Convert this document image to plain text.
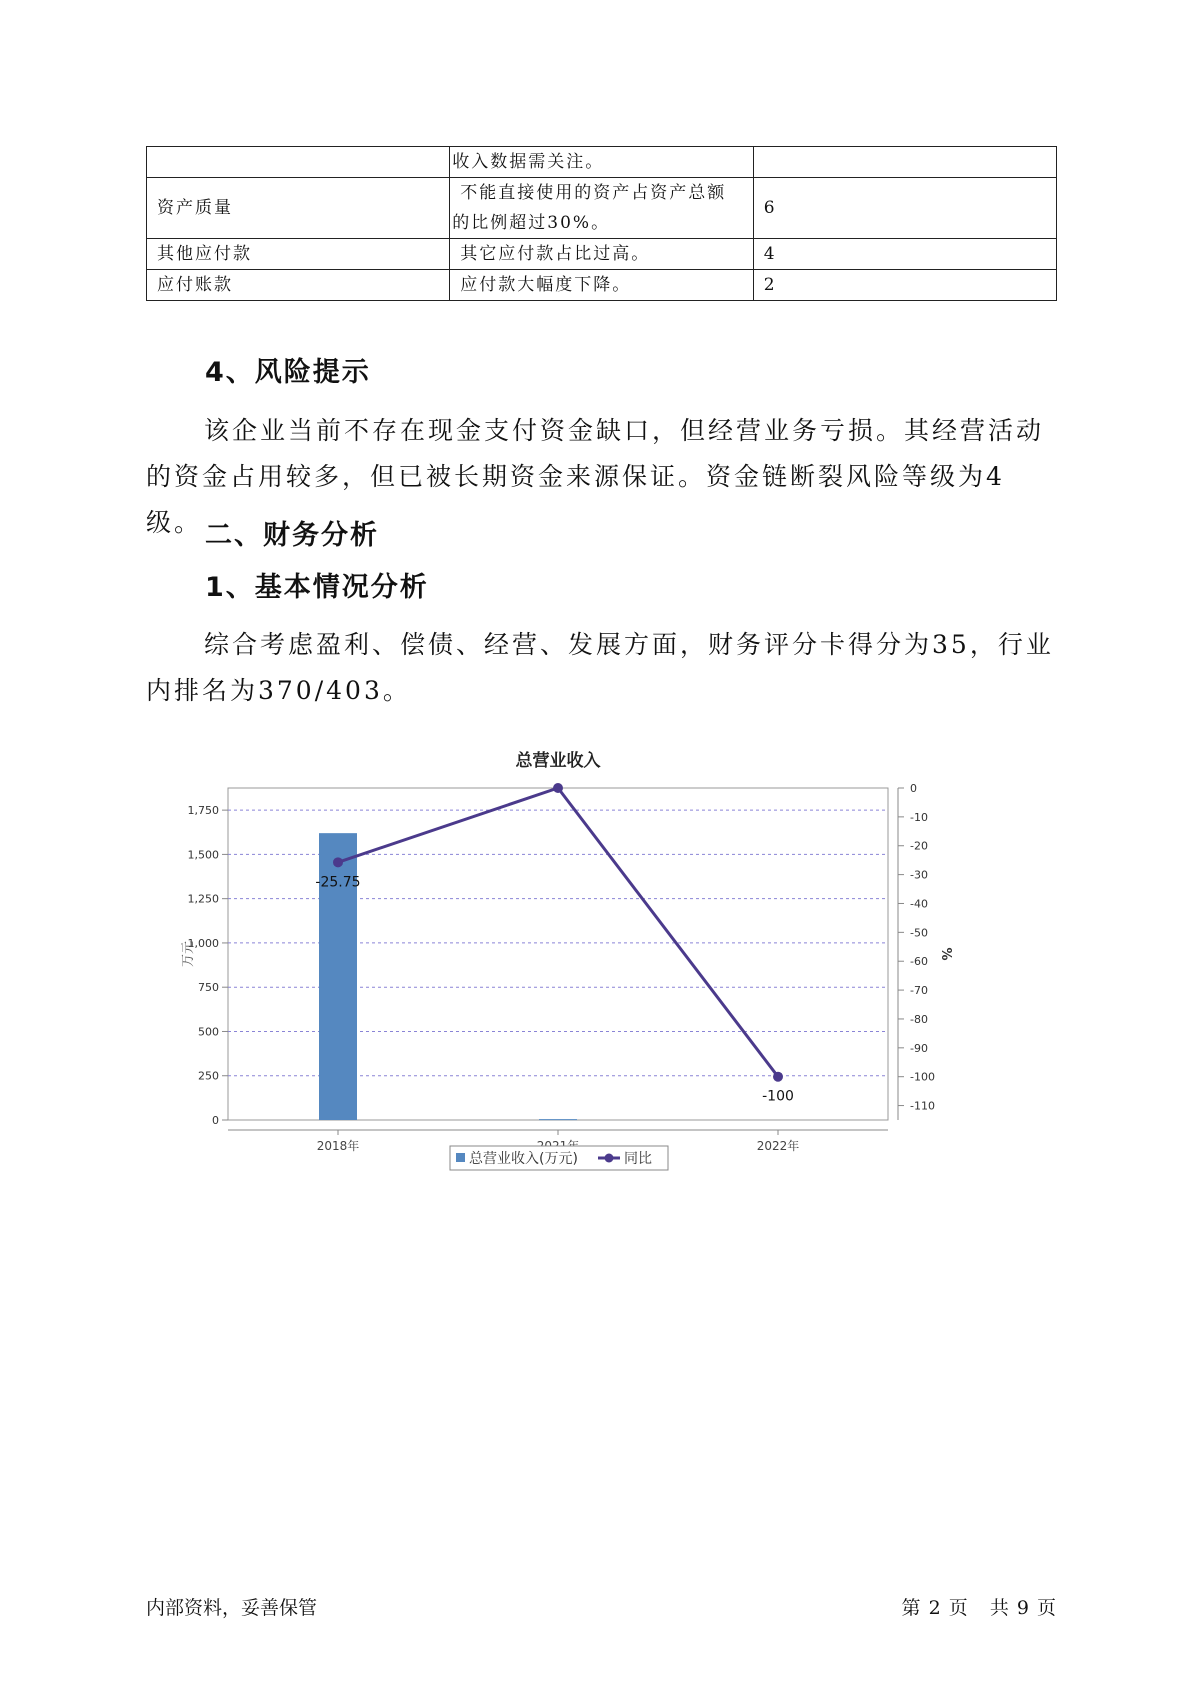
	收入数据需关注。	

资产质量	不能直接使用的资产占资产总额
的比例超过30%。	6
其他应付款	其它应付款占比过高。	4
应付账款	应付款大幅度下降。	2
4、风险提示
该企业当前不存在现金支付资金缺口，但经营业务亏损。其经营活动的资金占用较多，但已被长期资金来源保证。资金链断裂风险等级为4级。 二、财务分析
1、基本情况分析
综合考虑盈利、偿债、经营、发展方面，财务评分卡得分为35，行业内排名为370/403。
总营业收入
0
250
500
750
1,000
1,250
1,500
1,750
0
-10
-20
-30
-40
-50
-60
-70
-80
-90
-100
-110
万元	%
2018年	2022年
-25.75
-100
总营业收入(万元)	同比
内部资料，妥善保管	第 2 页   共 9 页
